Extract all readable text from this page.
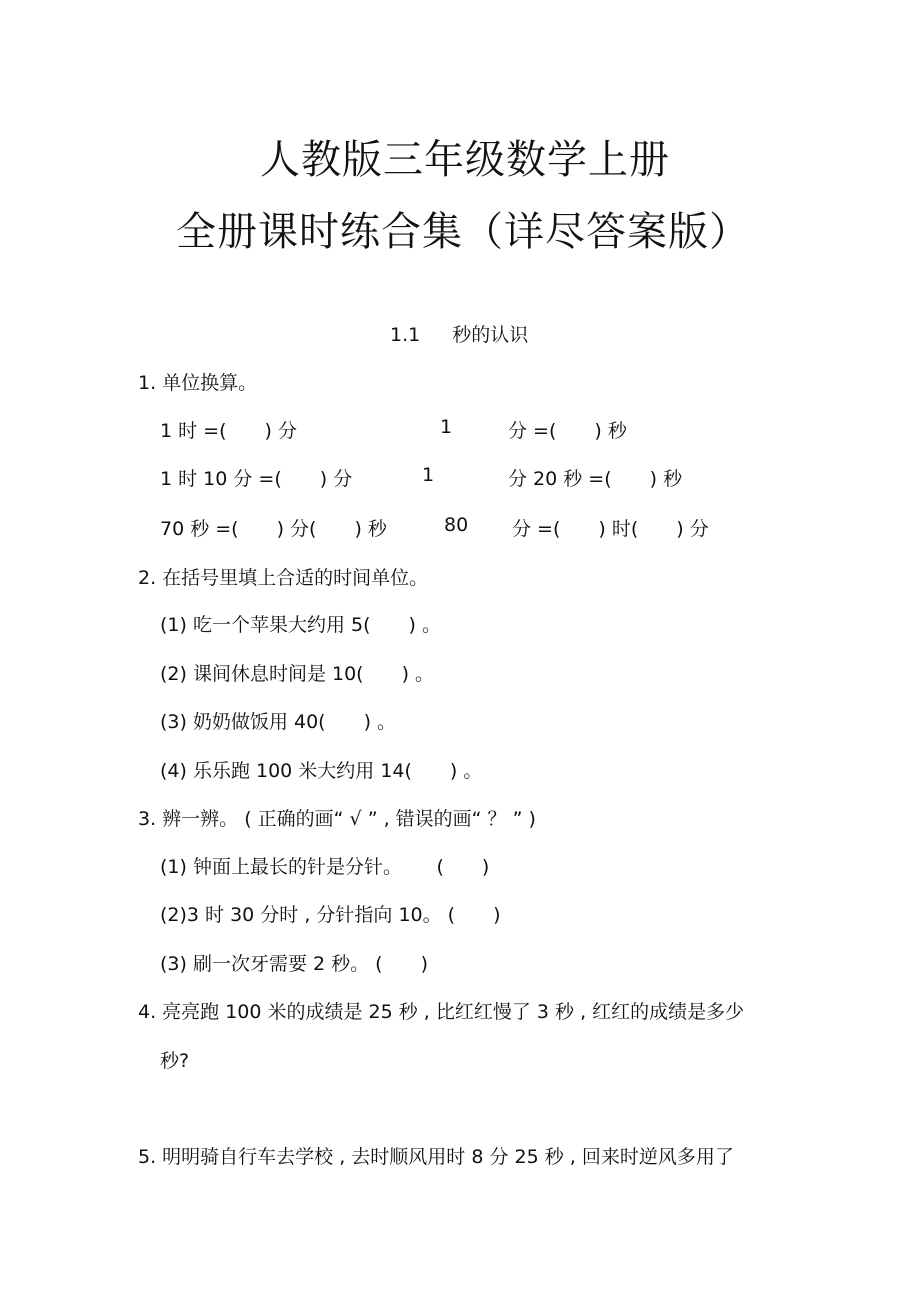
人教版三年级数学上册
全册课时练合集（详尽答案版）
1.1 秒的认识
1. 单位换算。
1 时 =(　　) 分	1	分 =(　　) 秒
1 时 10 分 =(　　) 分	1	分 20 秒 =(　　) 秒
70 秒 =(　　) 分(　　) 秒	80 分 =(　　) 时(　　) 分
2. 在括号里填上合适的时间单位。
(1) 吃一个苹果大约用 5(　　) 。
(2) 课间休息时间是 10(　　) 。
(3) 奶奶做饭用 40(　　) 。
(4) 乐乐跑 100 米大约用 14(　　) 。
3. 辨一辨。 ( 正确的画“ √ ” , 错误的画“ ？ ” )
(1) 钟面上最长的针是分针。　　 (　　)
(2)3 时 30 分时 , 分针指向 10。 (　　)
(3) 刷一次牙需要 2 秒。 (　　)
4. 亮亮跑 100 米的成绩是 25 秒 , 比红红慢了 3 秒 , 红红的成绩是多少
秒?
5. 明明骑自行车去学校 , 去时顺风用时 8 分 25 秒 , 回来时逆风多用了
